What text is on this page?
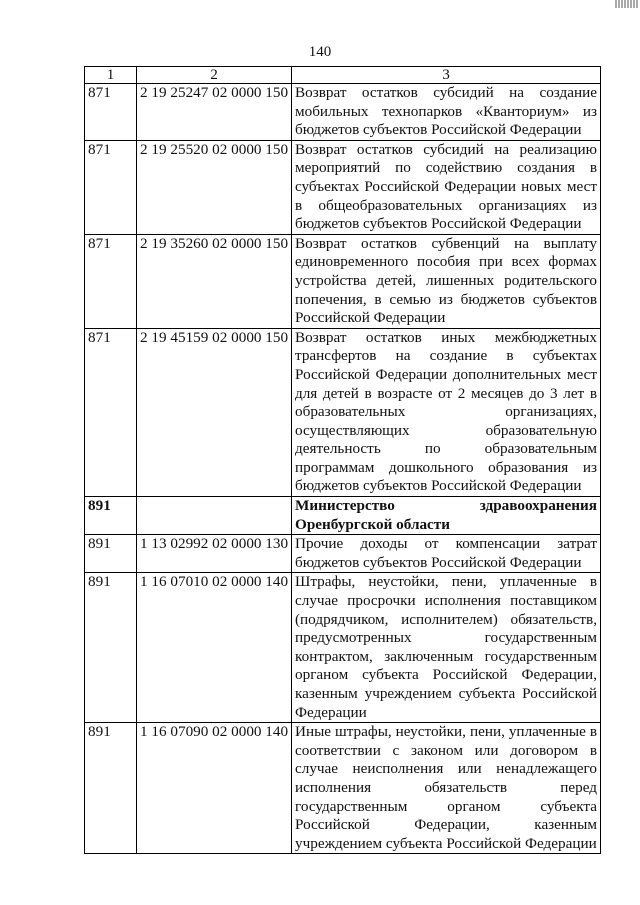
140
1	2	3
871	2 19 25247 02 0000 150	Возврат остатков субсидий на создание мобильных технопарков «Кванториум» из бюджетов субъектов Российской Федерации
871	2 19 25520 02 0000 150	Возврат остатков субсидий на реализацию мероприятий по содействию создания в субъектах Российской Федерации новых мест в общеобразовательных организациях из бюджетов субъектов Российской Федерации
871	2 19 35260 02 0000 150	Возврат остатков субвенций на выплату единовременного пособия при всех формах устройства детей, лишенных родительского попечения, в семью из бюджетов субъектов Российской Федерации
871	2 19 45159 02 0000 150	Возврат остатков иных межбюджетных трансфертов на создание в субъектах Российской Федерации дополнительных мест для детей в возрасте от 2 месяцев до 3 лет в образовательных организациях, осуществляющих образовательную деятельность по образовательным программам дошкольного образования из бюджетов субъектов Российской Федерации
891		Министерство здравоохранения Оренбургской области
891	1 13 02992 02 0000 130	Прочие доходы от компенсации затрат бюджетов субъектов Российской Федерации
891	1 16 07010 02 0000 140	Штрафы, неустойки, пени, уплаченные в случае просрочки исполнения поставщиком (подрядчиком, исполнителем) обязательств, предусмотренных государственным контрактом, заключенным государственным органом субъекта Российской Федерации, казенным учреждением субъекта Российской Федерации
891	1 16 07090 02 0000 140	Иные штрафы, неустойки, пени, уплаченные в соответствии с законом или договором в случае неисполнения или ненадлежащего исполнения обязательств перед государственным органом субъекта Российской Федерации, казенным учреждением субъекта Российской Федерации
